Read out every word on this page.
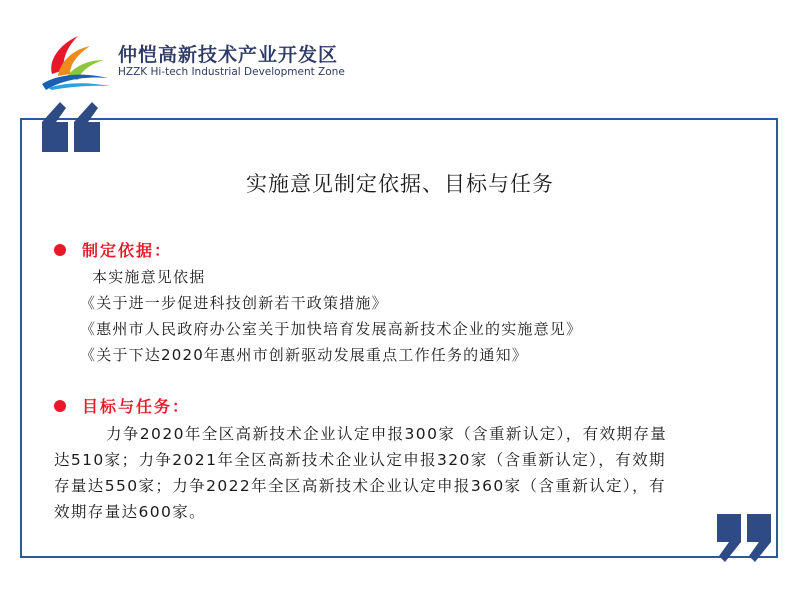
仲恺高新技术产业开发区
HZZK Hi-tech Industrial Development Zone
实施意见制定依据、目标与任务
制定依据：
本实施意见依据
《关于进一步促进科技创新若干政策措施》
《惠州市人民政府办公室关于加快培育发展高新技术企业的实施意见》
《关于下达2020年惠州市创新驱动发展重点工作任务的通知》
目标与任务：
力争2020年全区高新技术企业认定申报300家（含重新认定），有效期存量
达510家；力争2021年全区高新技术企业认定申报320家（含重新认定），有效期
存量达550家；力争2022年全区高新技术企业认定申报360家（含重新认定），有
效期存量达600家。
